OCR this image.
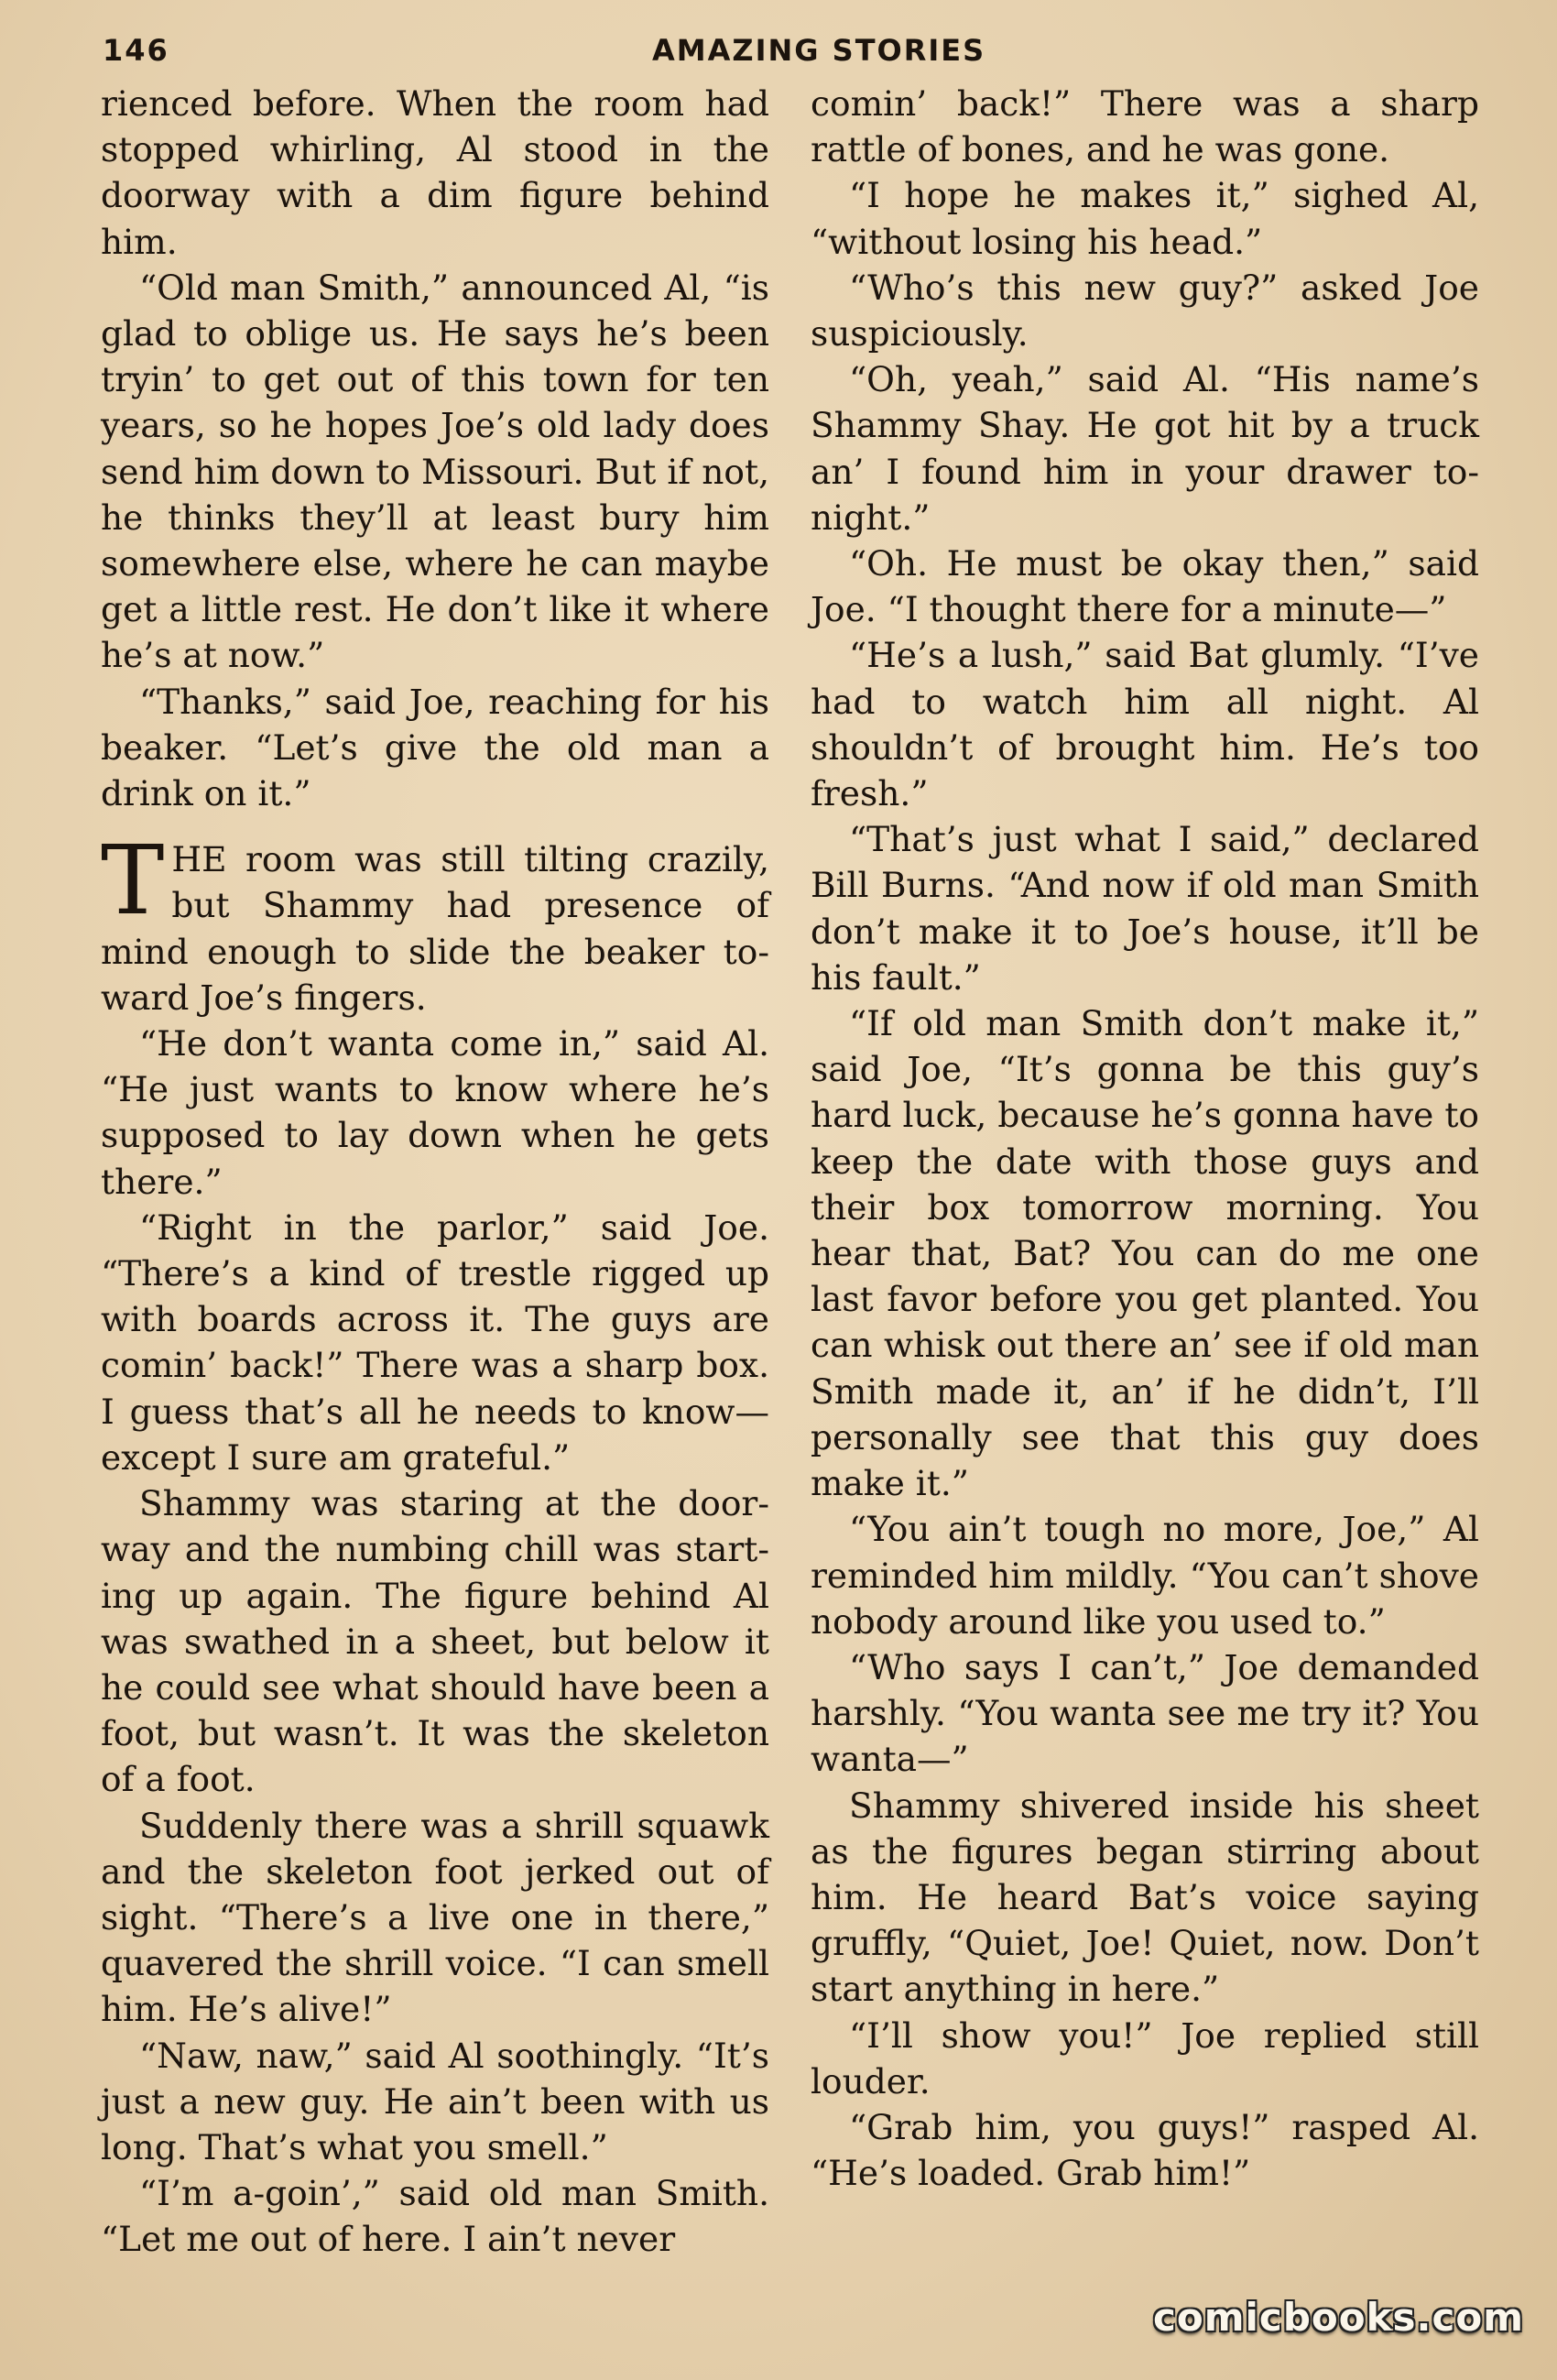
146	AMAZING STORIES

rienced before. When the room had stopped whirling, Al stood in the doorway with a dim figure behind him.

“Old man Smith,” announced Al, “is glad to oblige us. He says he’s been tryin’ to get out of this town for ten years, so he hopes Joe’s old lady does send him down to Missouri. But if not, he thinks they’ll at least bury him somewhere else, where he can maybe get a little rest. He don’t like it where he’s at now.”

“Thanks,” said Joe, reaching for his beaker. “Let’s give the old man a drink on it.”

THE room was still tilting crazily, but Shammy had presence of mind enough to slide the beaker toward Joe’s fingers.

“He don’t wanta come in,” said Al. “He just wants to know where he’s supposed to lay down when he gets there.”

“Right in the parlor,” said Joe. “There’s a kind of trestle rigged up with boards across it. The guys are comin’ back!” There was a sharp box. I guess that’s all he needs to know—except I sure am grateful.”

Shammy was staring at the doorway and the numbing chill was starting up again. The figure behind Al was swathed in a sheet, but below it he could see what should have been a foot, but wasn’t. It was the skeleton of a foot.

Suddenly there was a shrill squawk and the skeleton foot jerked out of sight. “There’s a live one in there,” quavered the shrill voice. “I can smell him. He’s alive!”

“Naw, naw,” said Al soothingly. “It’s just a new guy. He ain’t been with us long. That’s what you smell.”

“I’m a-goin’,” said old man Smith. “Let me out of here. I ain’t never

comin’ back!” There was a sharp rattle of bones, and he was gone.

“I hope he makes it,” sighed Al, “without losing his head.”

“Who’s this new guy?” asked Joe suspiciously.

“Oh, yeah,” said Al. “His name’s Shammy Shay. He got hit by a truck an’ I found him in your drawer tonight.”

“Oh. He must be okay then,” said Joe. “I thought there for a minute—”

“He’s a lush,” said Bat glumly. “I’ve had to watch him all night. Al shouldn’t of brought him. He’s too fresh.”

“That’s just what I said,” declared Bill Burns. “And now if old man Smith don’t make it to Joe’s house, it’ll be his fault.”

“If old man Smith don’t make it,” said Joe, “It’s gonna be this guy’s hard luck, because he’s gonna have to keep the date with those guys and their box tomorrow morning. You hear that, Bat? You can do me one last favor before you get planted. You can whisk out there an’ see if old man Smith made it, an’ if he didn’t, I’ll personally see that this guy does make it.”

“You ain’t tough no more, Joe,” Al reminded him mildly. “You can’t shove nobody around like you used to.”

“Who says I can’t,” Joe demanded harshly. “You wanta see me try it? You wanta—”

Shammy shivered inside his sheet as the figures began stirring about him. He heard Bat’s voice saying gruffly, “Quiet, Joe! Quiet, now. Don’t start anything in here.”

“I’ll show you!” Joe replied still louder.

“Grab him, you guys!” rasped Al. “He’s loaded. Grab him!”

comicbooks.com
